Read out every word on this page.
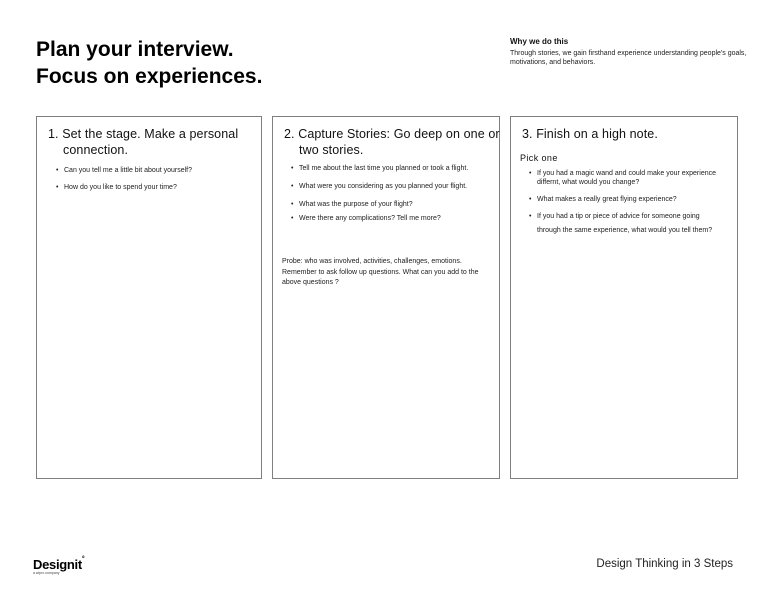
Plan your interview.
Focus on experiences.
Why we do this
Through stories, we gain firsthand experience understanding people's goals, motivations, and behaviors.
1. Set the stage. Make a personal connection.
• Can you tell me a little bit about yourself?
• How do you like to spend your time?
2. Capture Stories: Go deep on one or two stories.
• Tell me about the last time you planned or took a flight.
• What were you considering as you planned your flight.
• What was the purpose of your flight?
• Were there any complications? Tell me more?
Probe: who was involved, activities, challenges, emotions.
Remember to ask follow up questions. What can you add to the above questions ?
3. Finish on a high note.
Pick one
• If you had a magic wand and could make your experience differnt, what would you change?
• What makes a really great flying experience?
• If you had a tip or piece of advice for someone going through the same experience, what would you tell them?
Designit°
a wipro company
Design Thinking in 3 Steps
